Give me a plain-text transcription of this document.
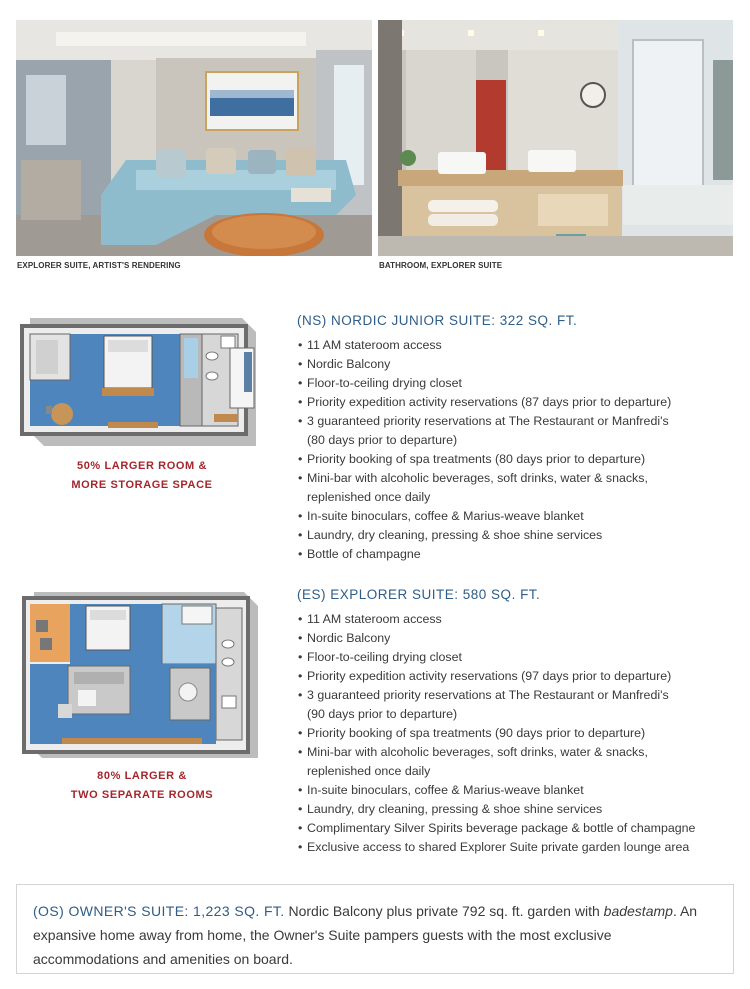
EXPLORER SUITE, ARTIST'S RENDERING	BATHROOM, EXPLORER SUITE
50% LARGER ROOM &
MORE STORAGE SPACE
(NS) NORDIC JUNIOR SUITE: 322 SQ. FT.
• 11 AM stateroom access
• Nordic Balcony
• Floor-to-ceiling drying closet
• Priority expedition activity reservations (87 days prior to departure)
• 3 guaranteed priority reservations at The Restaurant or Manfredi's
(80 days prior to departure)
• Priority booking of spa treatments (80 days prior to departure)
• Mini-bar with alcoholic beverages, soft drinks, water & snacks,
replenished once daily
• In-suite binoculars, coffee & Marius-weave blanket
• Laundry, dry cleaning, pressing & shoe shine services
• Bottle of champagne
80% LARGER &
TWO SEPARATE ROOMS
(ES) EXPLORER SUITE: 580 SQ. FT.
• 11 AM stateroom access
• Nordic Balcony
• Floor-to-ceiling drying closet
• Priority expedition activity reservations (97 days prior to departure)
• 3 guaranteed priority reservations at The Restaurant or Manfredi's
(90 days prior to departure)
• Priority booking of spa treatments (90 days prior to departure)
• Mini-bar with alcoholic beverages, soft drinks, water & snacks,
replenished once daily
• In-suite binoculars, coffee & Marius-weave blanket
• Laundry, dry cleaning, pressing & shoe shine services
• Complimentary Silver Spirits beverage package & bottle of champagne
• Exclusive access to shared Explorer Suite private garden lounge area
(OS) OWNER'S SUITE: 1,223 SQ. FT. Nordic Balcony plus private 792 sq. ft. garden with badestamp. An expansive home away from home, the Owner's Suite pampers guests with the most exclusive accommodations and amenities on board.
